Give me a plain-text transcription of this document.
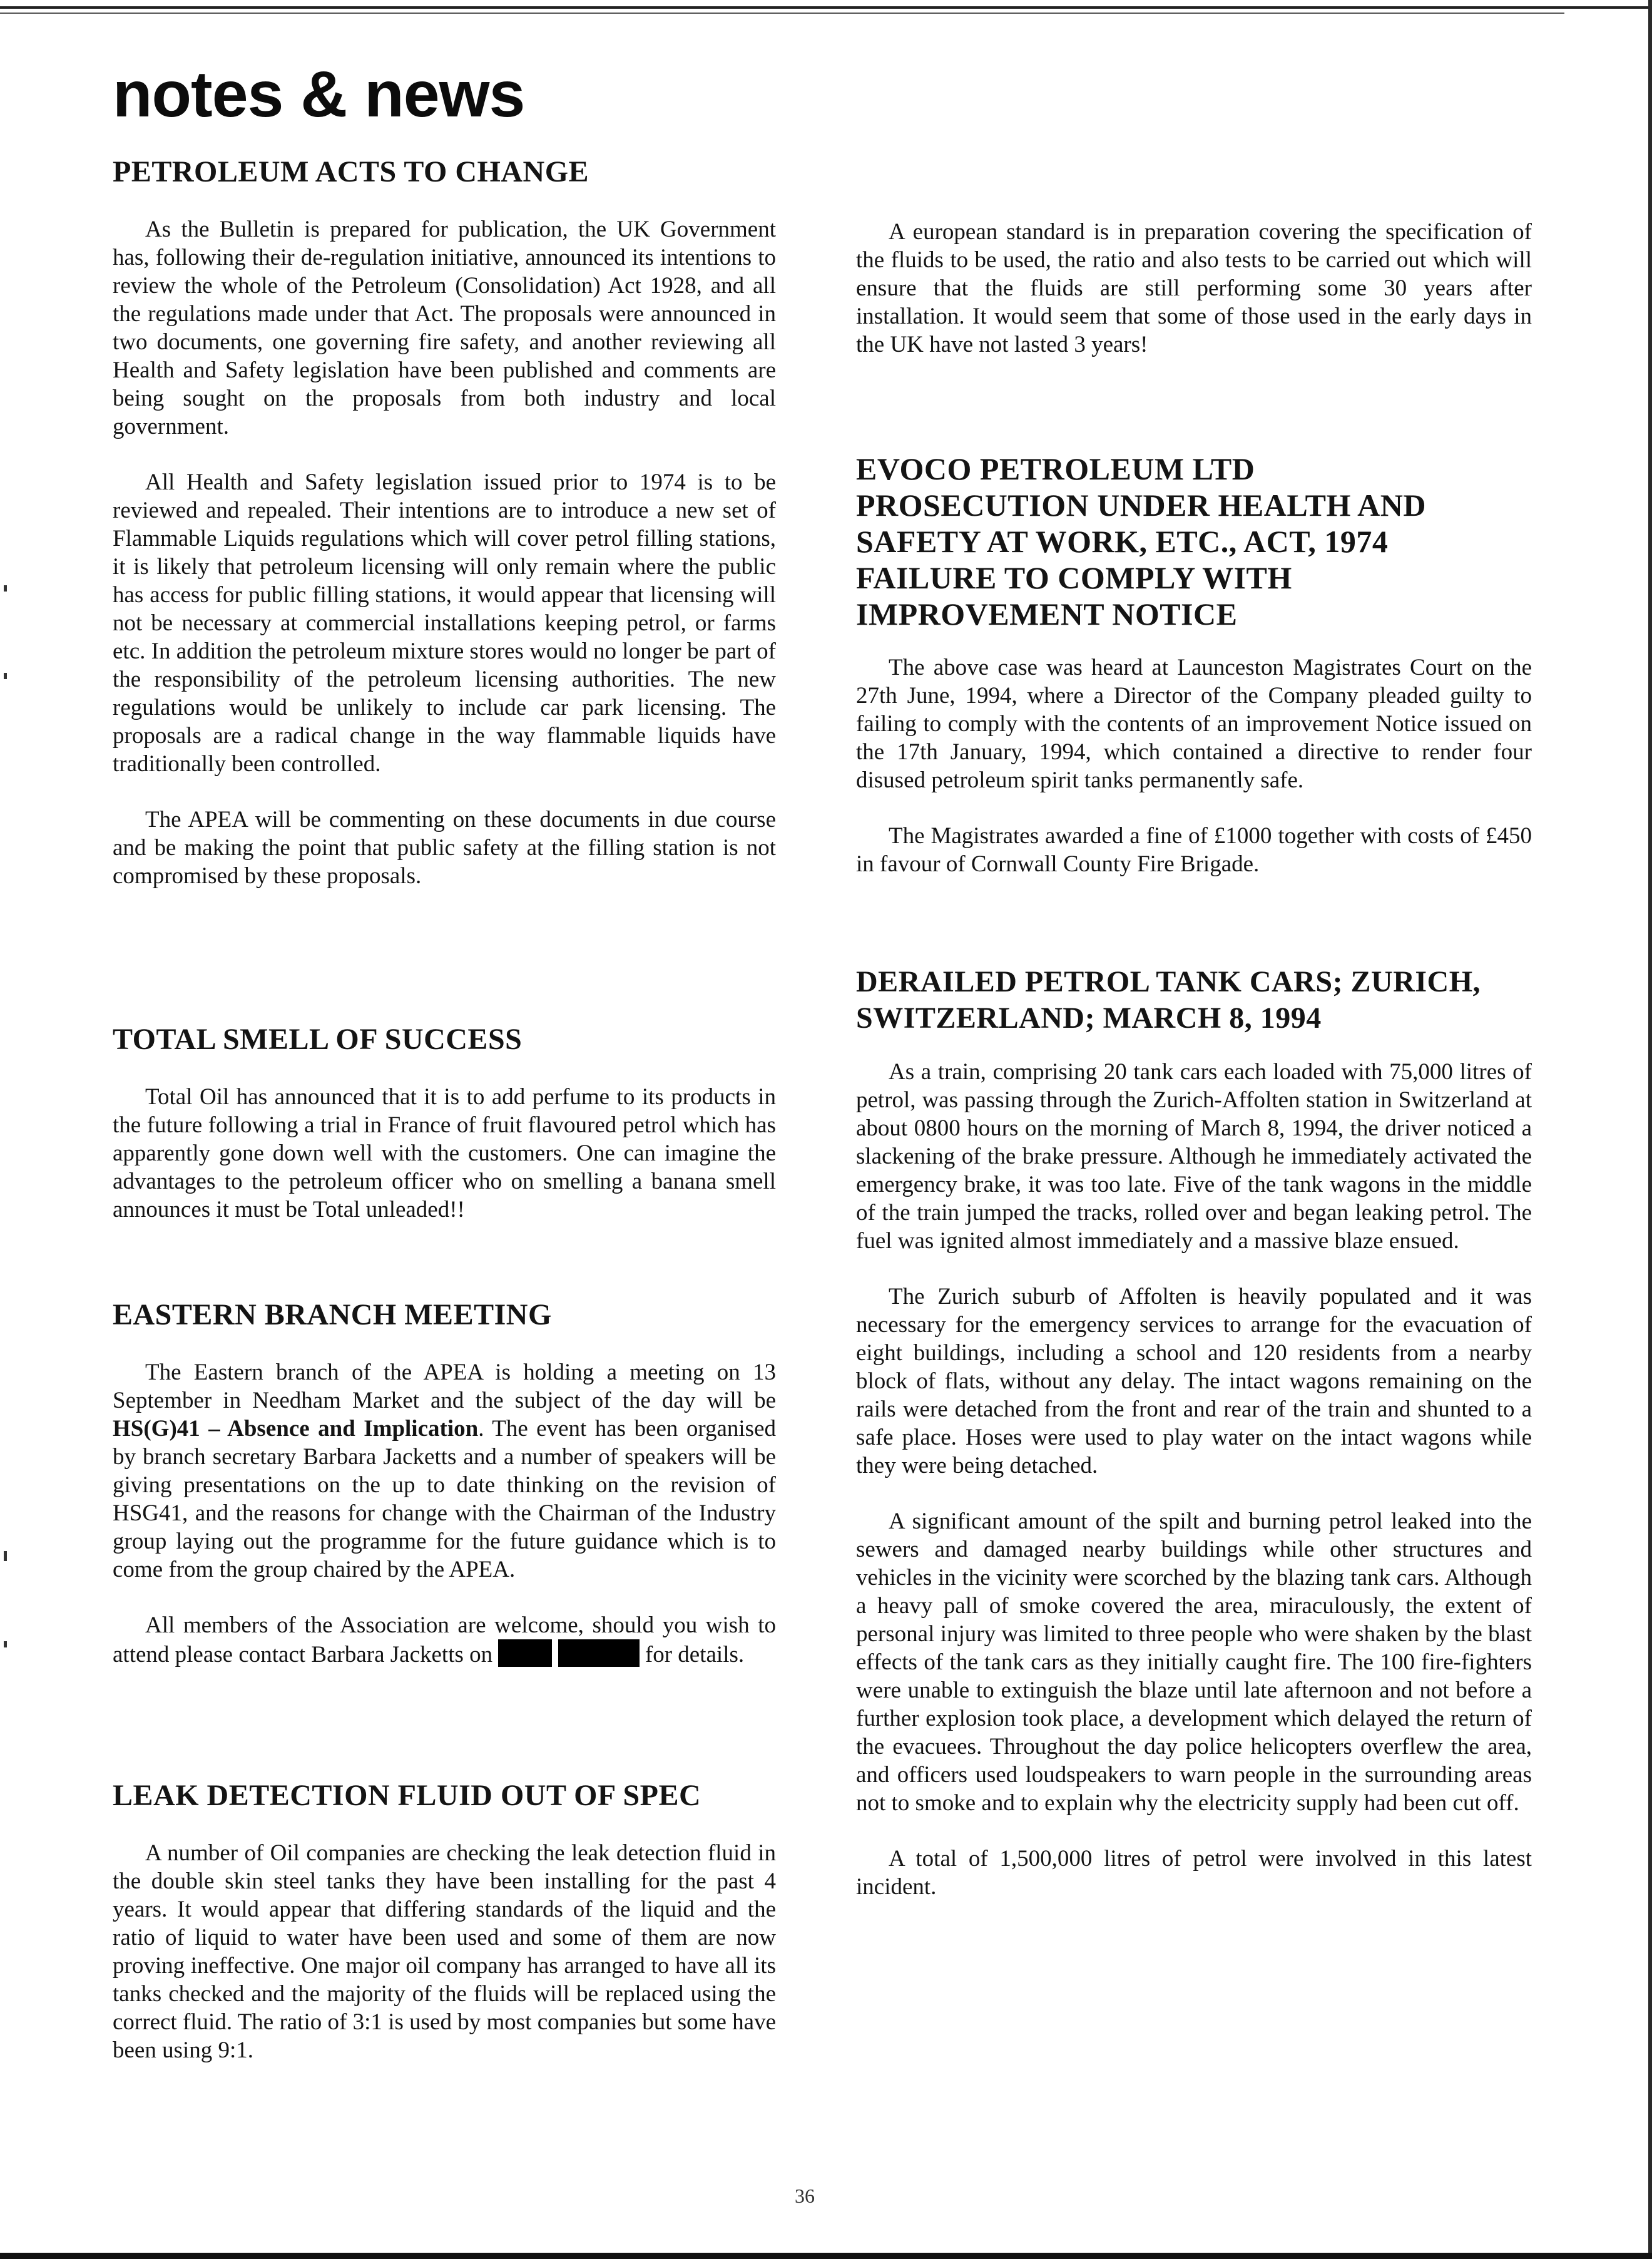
notes & news
PETROLEUM ACTS TO CHANGE

As the Bulletin is prepared for publication, the UK Government has, following their de-regulation initiative, announced its intentions to review the whole of the Petroleum (Consolidation) Act 1928, and all the regulations made under that Act. The proposals were announced in two documents, one governing fire safety, and another reviewing all Health and Safety legislation have been published and comments are being sought on the proposals from both industry and local government.

All Health and Safety legislation issued prior to 1974 is to be reviewed and repealed. Their intentions are to introduce a new set of Flammable Liquids regulations which will cover petrol filling stations, it is likely that petroleum licensing will only remain where the public has access for public filling stations, it would appear that licensing will not be necessary at commercial installations keeping petrol, or farms etc. In addition the petroleum mixture stores would no longer be part of the responsibility of the petroleum licensing authorities. The new regulations would be unlikely to include car park licensing. The proposals are a radical change in the way flammable liquids have traditionally been controlled.

The APEA will be commenting on these documents in due course and be making the point that public safety at the filling station is not compromised by these proposals.

TOTAL SMELL OF SUCCESS

Total Oil has announced that it is to add perfume to its products in the future following a trial in France of fruit flavoured petrol which has apparently gone down well with the customers. One can imagine the advantages to the petroleum officer who on smelling a banana smell announces it must be Total unleaded!!

EASTERN BRANCH MEETING

The Eastern branch of the APEA is holding a meeting on 13 September in Needham Market and the subject of the day will be HS(G)41 – Absence and Implication. The event has been organised by branch secretary Barbara Jacketts and a number of speakers will be giving presentations on the up to date thinking on the revision of HSG41, and the reasons for change with the Chairman of the Industry group laying out the programme for the future guidance which is to come from the group chaired by the APEA.

All members of the Association are welcome, should you wish to attend please contact Barbara Jacketts on	for details.

LEAK DETECTION FLUID OUT OF SPEC

A number of Oil companies are checking the leak detection fluid in the double skin steel tanks they have been installing for the past 4 years. It would appear that differing standards of the liquid and the ratio of liquid to water have been used and some of them are now proving ineffective. One major oil company has arranged to have all its tanks checked and the majority of the fluids will be replaced using the correct fluid. The ratio of 3:1 is used by most companies but some have been using 9:1.

A european standard is in preparation covering the specification of the fluids to be used, the ratio and also tests to be carried out which will ensure that the fluids are still performing some 30 years after installation. It would seem that some of those used in the early days in the UK have not lasted 3 years!

EVOCO PETROLEUM LTD PROSECUTION UNDER HEALTH AND SAFETY AT WORK, ETC., ACT, 1974 FAILURE TO COMPLY WITH IMPROVEMENT NOTICE

The above case was heard at Launceston Magistrates Court on the 27th June, 1994, where a Director of the Company pleaded guilty to failing to comply with the contents of an improvement Notice issued on the 17th January, 1994, which contained a directive to render four disused petroleum spirit tanks permanently safe.

The Magistrates awarded a fine of £1000 together with costs of £450 in favour of Cornwall County Fire Brigade.

DERAILED PETROL TANK CARS; ZURICH, SWITZERLAND; MARCH 8, 1994

As a train, comprising 20 tank cars each loaded with 75,000 litres of petrol, was passing through the Zurich-Affolten station in Switzerland at about 0800 hours on the morning of March 8, 1994, the driver noticed a slackening of the brake pressure. Although he immediately activated the emergency brake, it was too late. Five of the tank wagons in the middle of the train jumped the tracks, rolled over and began leaking petrol. The fuel was ignited almost immediately and a massive blaze ensued.

The Zurich suburb of Affolten is heavily populated and it was necessary for the emergency services to arrange for the evacuation of eight buildings, including a school and 120 residents from a nearby block of flats, without any delay. The intact wagons remaining on the rails were detached from the front and rear of the train and shunted to a safe place. Hoses were used to play water on the intact wagons while they were being detached.

A significant amount of the spilt and burning petrol leaked into the sewers and damaged nearby buildings while other structures and vehicles in the vicinity were scorched by the blazing tank cars. Although a heavy pall of smoke covered the area, miraculously, the extent of personal injury was limited to three people who were shaken by the blast effects of the tank cars as they initially caught fire. The 100 fire-fighters were unable to extinguish the blaze until late afternoon and not before a further explosion took place, a development which delayed the return of the evacuees. Throughout the day police helicopters overflew the area, and officers used loudspeakers to warn people in the surrounding areas not to smoke and to explain why the electricity supply had been cut off.

A total of 1,500,000 litres of petrol were involved in this latest incident.

36
